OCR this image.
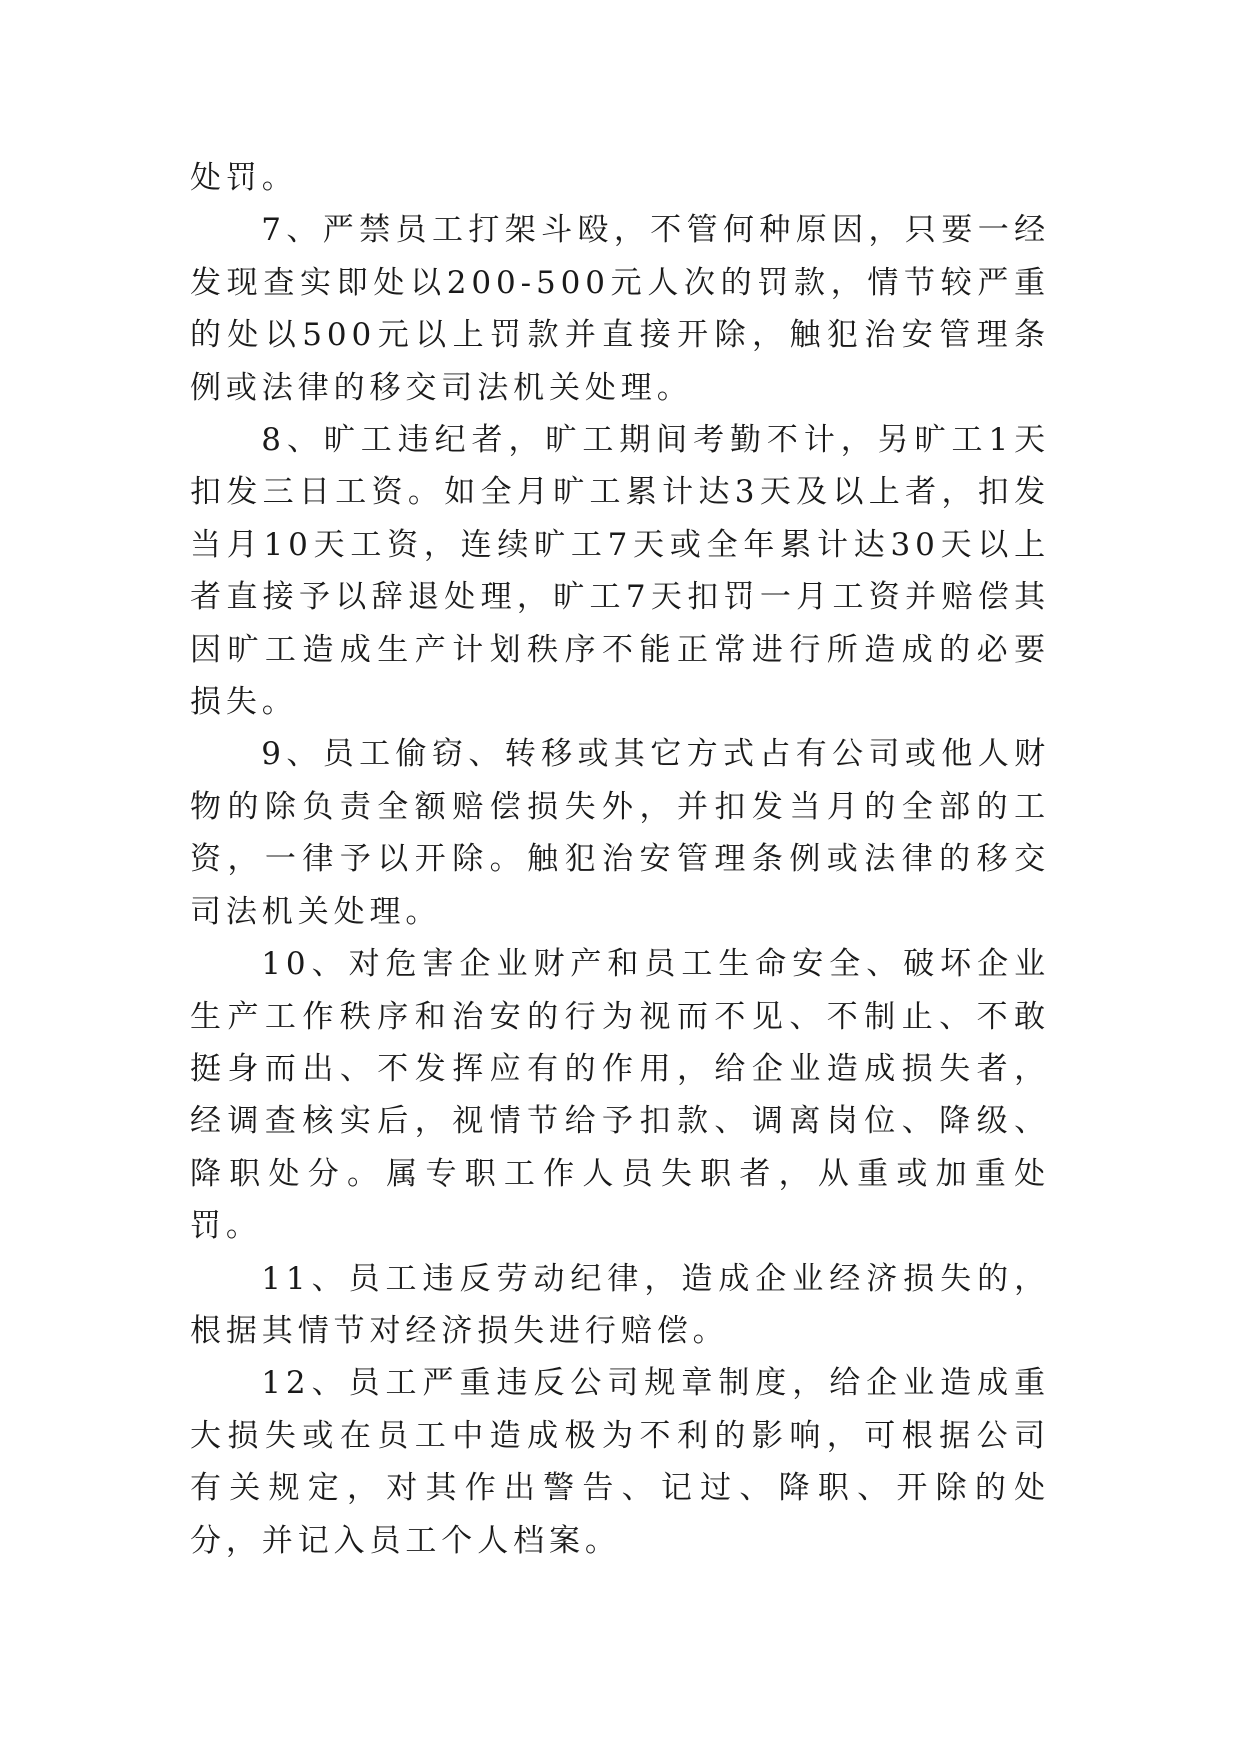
处罚。

7、严禁员工打架斗殴，不管何种原因，只要一经发现查实即处以200-500元人次的罚款，情节较严重的处以500元以上罚款并直接开除，触犯治安管理条例或法律的移交司法机关处理。

8、旷工违纪者，旷工期间考勤不计，另旷工1天扣发三日工资。如全月旷工累计达3天及以上者，扣发当月10天工资，连续旷工7天或全年累计达30天以上者直接予以辞退处理，旷工7天扣罚一月工资并赔偿其因旷工造成生产计划秩序不能正常进行所造成的必要损失。

9、员工偷窃、转移或其它方式占有公司或他人财物的除负责全额赔偿损失外，并扣发当月的全部的工资，一律予以开除。触犯治安管理条例或法律的移交司法机关处理。

10、对危害企业财产和员工生命安全、破坏企业生产工作秩序和治安的行为视而不见、不制止、不敢挺身而出、不发挥应有的作用，给企业造成损失者，经调查核实后，视情节给予扣款、调离岗位、降级、降职处分。属专职工作人员失职者，从重或加重处罚。

11、员工违反劳动纪律，造成企业经济损失的，根据其情节对经济损失进行赔偿。

12、员工严重违反公司规章制度，给企业造成重大损失或在员工中造成极为不利的影响，可根据公司有关规定，对其作出警告、记过、降职、开除的处分，并记入员工个人档案。
